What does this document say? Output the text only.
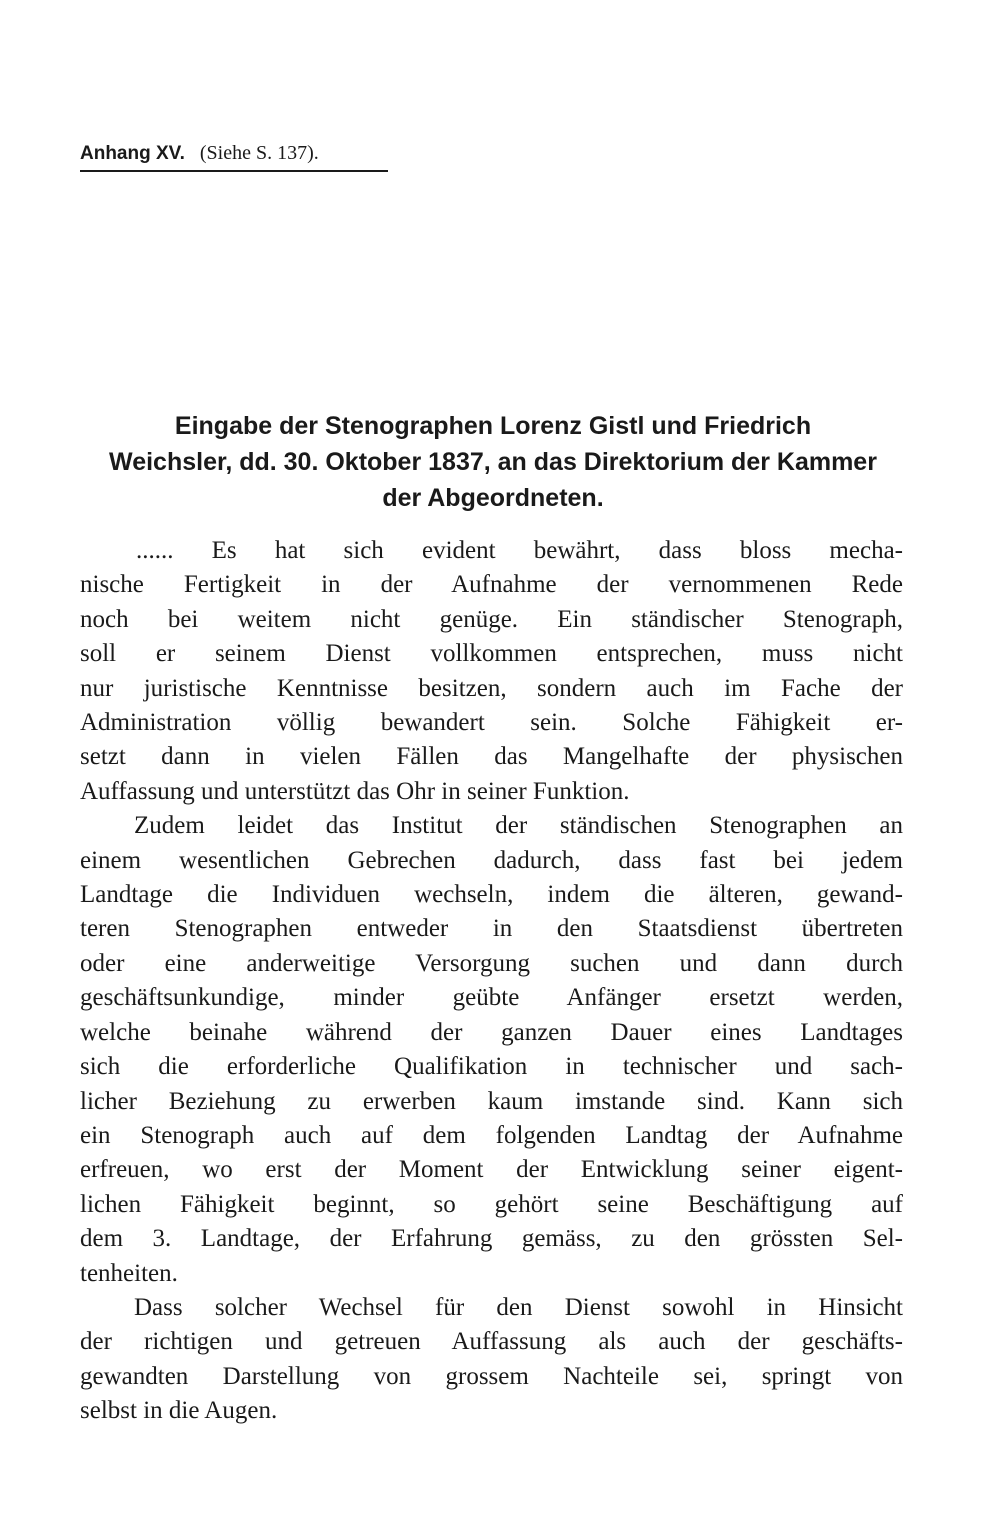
Anhang XV. (Siehe S. 137).
Eingabe der Stenographen Lorenz Gistl und Friedrich
Weichsler, dd. 30. Oktober 1837, an das Direktorium der Kammer
der Abgeordneten.

...... Es hat sich evident bewährt, dass bloss mecha-
nische Fertigkeit in der Aufnahme der vernommenen Rede
noch bei weitem nicht genüge. Ein ständischer Stenograph,
soll er seinem Dienst vollkommen entsprechen, muss nicht
nur juristische Kenntnisse besitzen, sondern auch im Fache der
Administration völlig bewandert sein. Solche Fähigkeit er-
setzt dann in vielen Fällen das Mangelhafte der physischen
Auffassung und unterstützt das Ohr in seiner Funktion.

Zudem leidet das Institut der ständischen Stenographen an
einem wesentlichen Gebrechen dadurch, dass fast bei jedem
Landtage die Individuen wechseln, indem die älteren, gewand-
teren Stenographen entweder in den Staatsdienst übertreten
oder eine anderweitige Versorgung suchen und dann durch
geschäftsunkundige, minder geübte Anfänger ersetzt werden,
welche beinahe während der ganzen Dauer eines Landtages
sich die erforderliche Qualifikation in technischer und sach-
licher Beziehung zu erwerben kaum imstande sind. Kann sich
ein Stenograph auch auf dem folgenden Landtag der Aufnahme
erfreuen, wo erst der Moment der Entwicklung seiner eigent-
lichen Fähigkeit beginnt, so gehört seine Beschäftigung auf
dem 3. Landtage, der Erfahrung gemäss, zu den grössten Sel-
tenheiten.

Dass solcher Wechsel für den Dienst sowohl in Hinsicht
der richtigen und getreuen Auffassung als auch der geschäfts-
gewandten Darstellung von grossem Nachteile sei, springt von
selbst in die Augen.
